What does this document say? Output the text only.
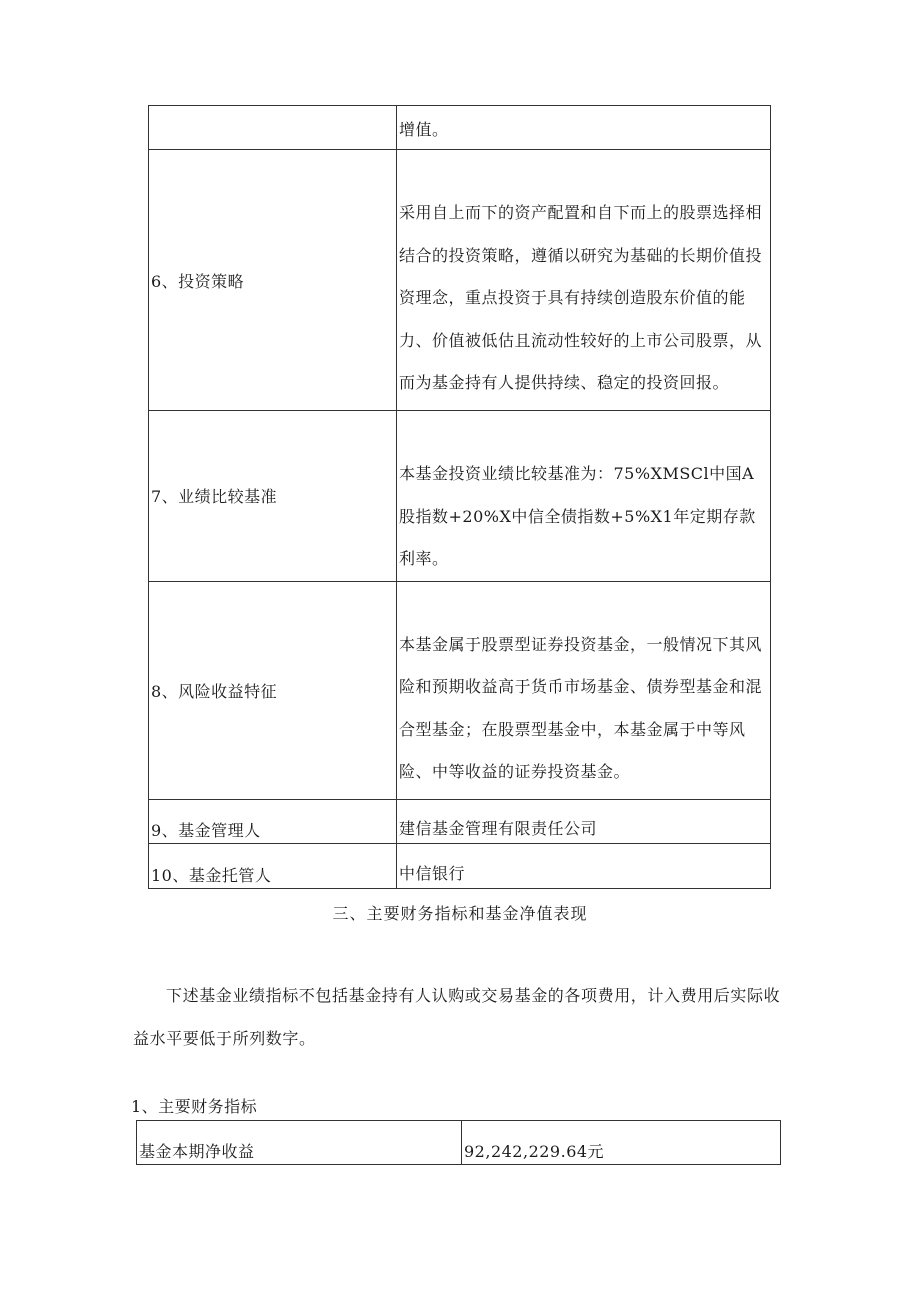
	增值。
6、投资策略	采用自上而下的资产配置和自下而上的股票选择相结合的投资策略，遵循以研究为基础的长期价值投资理念，重点投资于具有持续创造股东价值的能力、价值被低估且流动性较好的上市公司股票，从而为基金持有人提供持续、稳定的投资回报。
7、业绩比较基准	本基金投资业绩比较基准为：75%XMSCl中国A股指数+20%X中信全债指数+5%X1年定期存款利率。
8、风险收益特征	本基金属于股票型证券投资基金，一般情况下其风险和预期收益高于货币市场基金、债券型基金和混合型基金；在股票型基金中，本基金属于中等风险、中等收益的证券投资基金。
9、基金管理人	建信基金管理有限责任公司
10、基金托管人	中信银行
三、主要财务指标和基金净值表现
下述基金业绩指标不包括基金持有人认购或交易基金的各项费用，计入费用后实际收益水平要低于所列数字。
1、主要财务指标
基金本期净收益	92,242,229.64元
